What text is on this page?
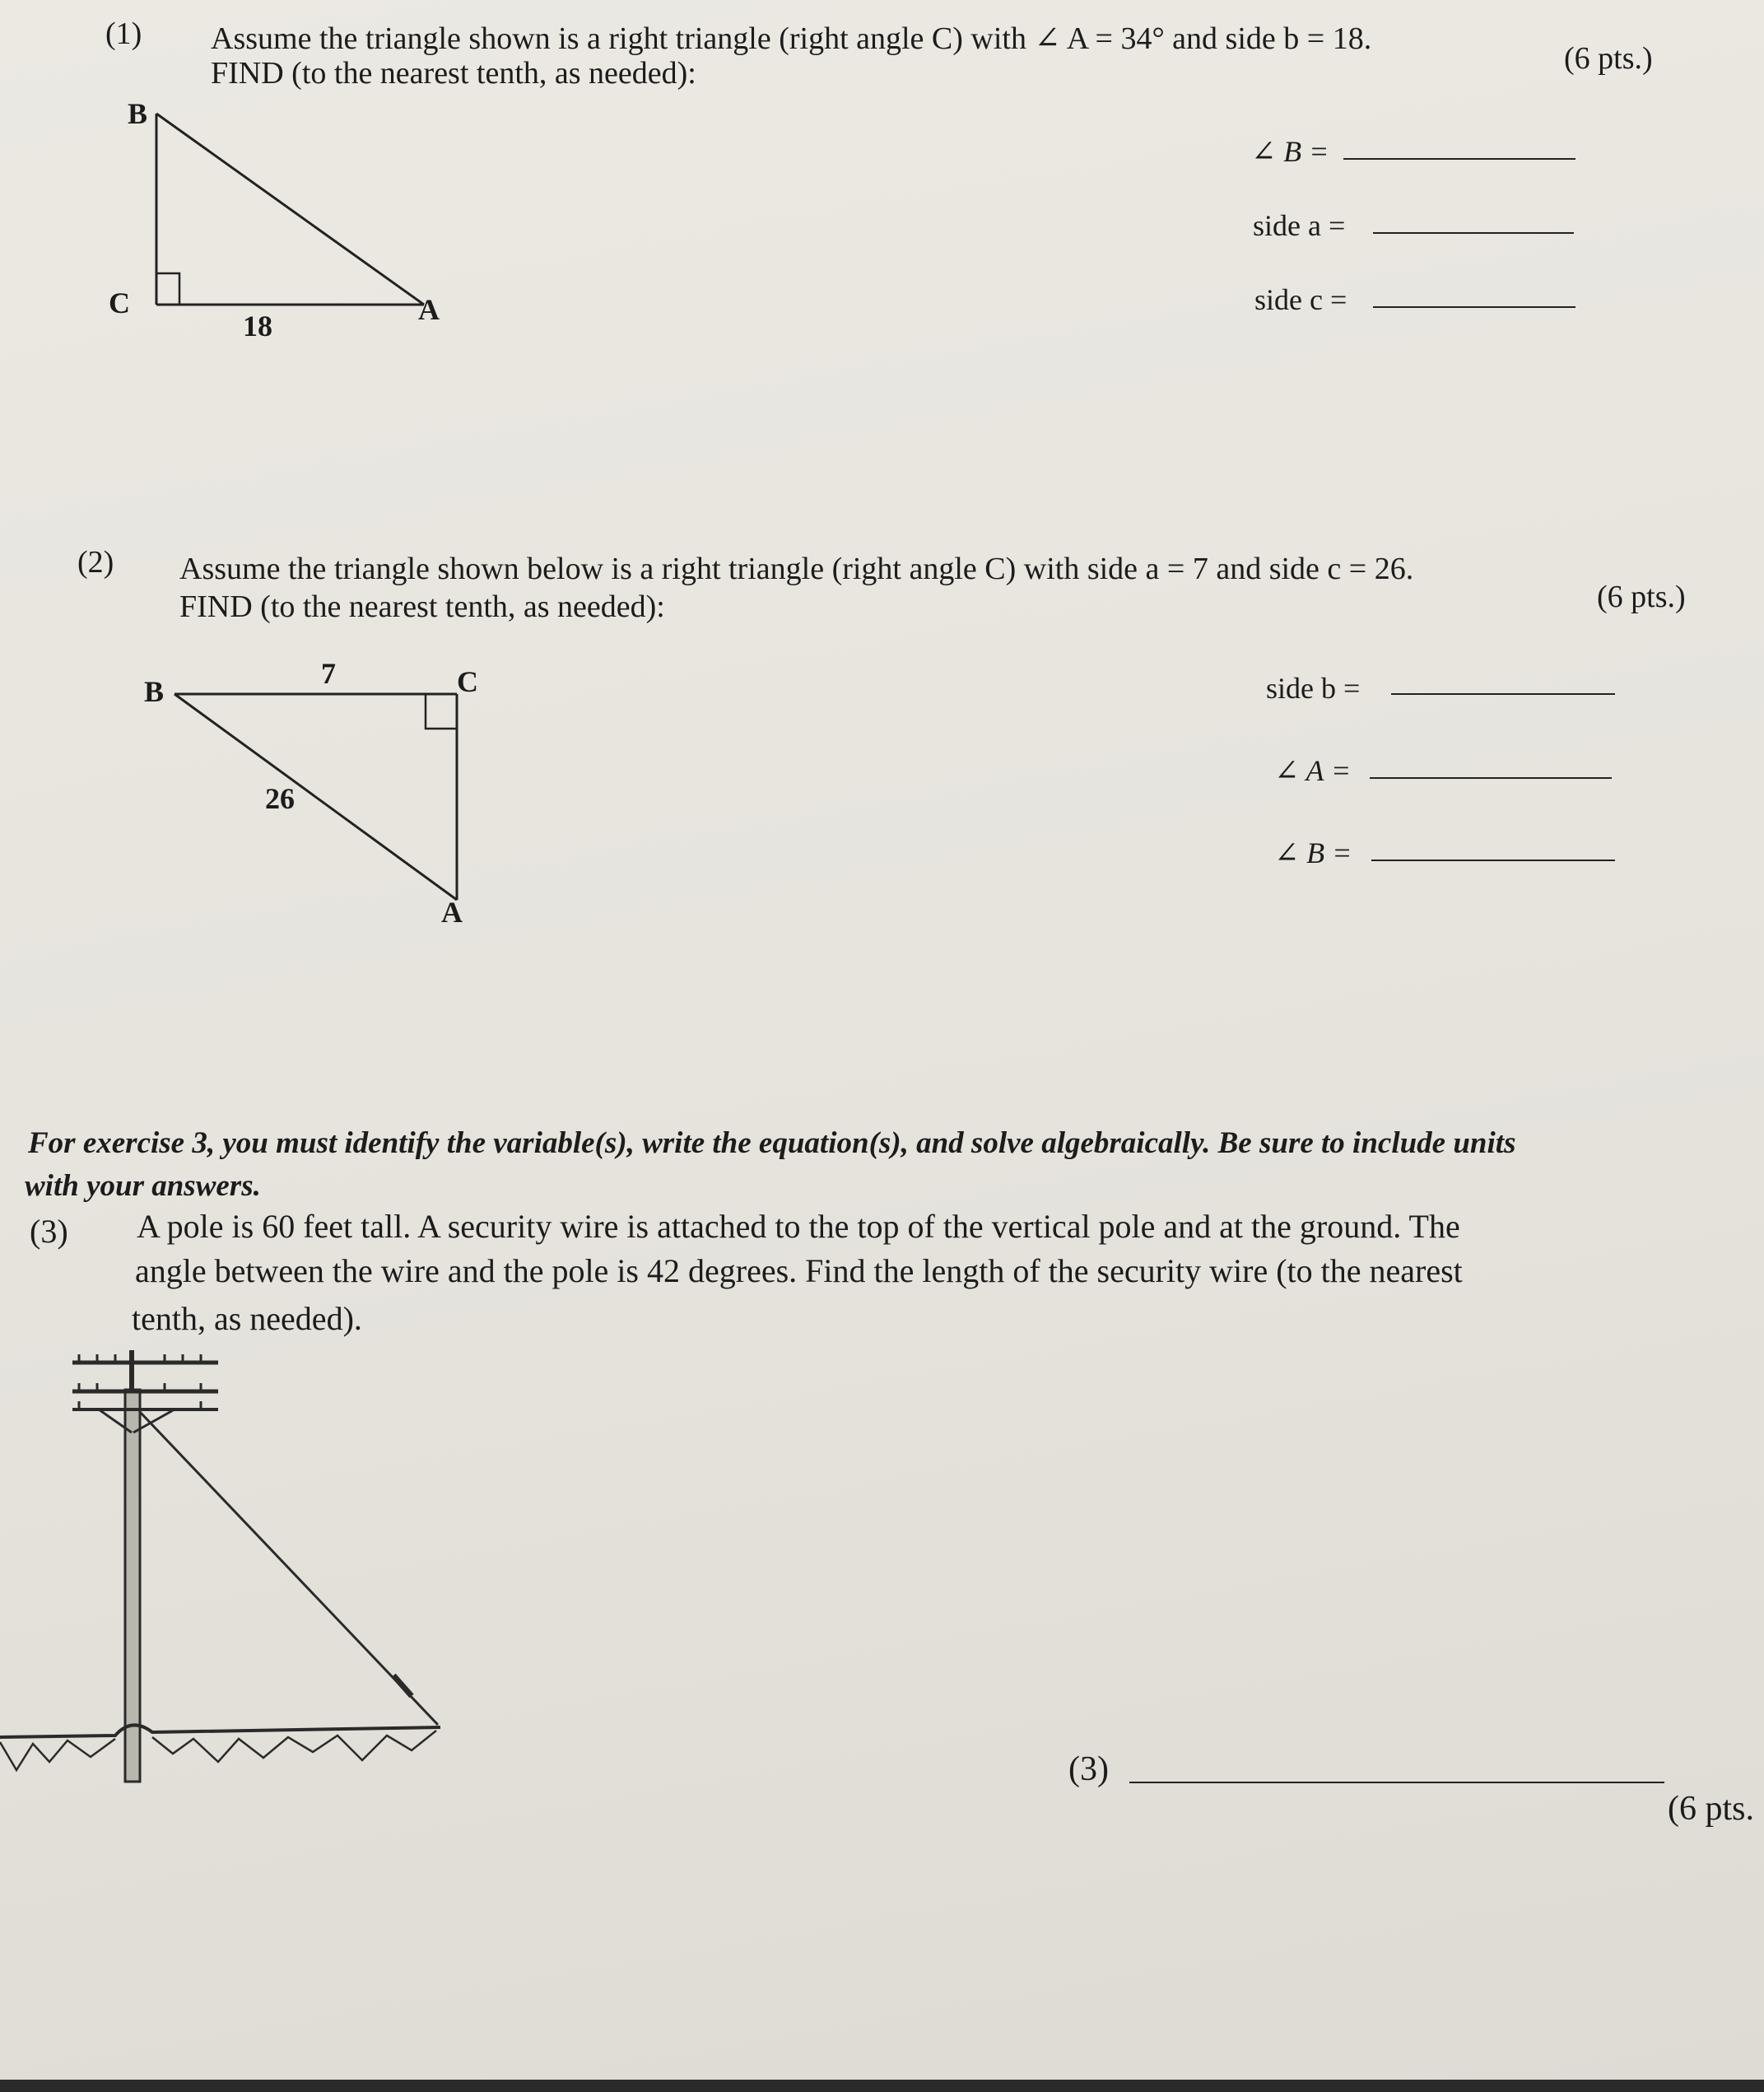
(1) Assume the triangle shown is a right triangle (right angle C) with ∠ A = 34° and side b = 18.
FIND (to the nearest tenth, as needed):	(6 pts.)
B
C	A
18
∠ B =
side a =
side c =
(2) Assume the triangle shown below is a right triangle (right angle C) with side a = 7 and side c = 26.
FIND (to the nearest tenth, as needed):	(6 pts.)
B	C
A
7
26
side b =
∠ A =
∠ B =
For exercise 3, you must identify the variable(s), write the equation(s), and solve algebraically. Be sure to include units
with your answers.
(3) A pole is 60 feet tall. A security wire is attached to the top of the vertical pole and at the ground. The
angle between the wire and the pole is 42 degrees. Find the length of the security wire (to the nearest
tenth, as needed).
(3)
(6 pts.
